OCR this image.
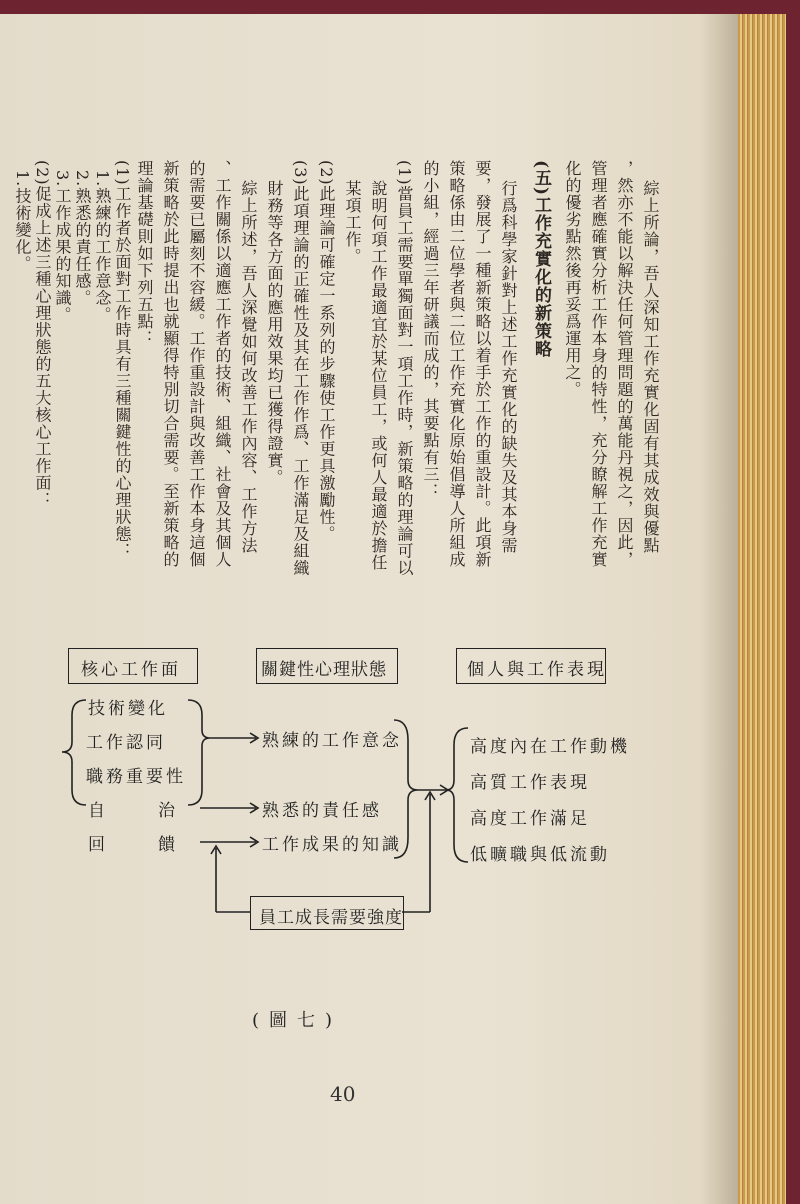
綜上所論，吾人深知工作充實化固有其成效與優點
，然亦不能以解決任何管理問題的萬能丹視之，因此，
管理者應確實分析工作本身的特性，充分瞭解工作充實
化的優劣點然後再妥爲運用之。
(五)工作充實化的新策略
行爲科學家針對上述工作充實化的缺失及其本身需
要，發展了一種新策略以着手於工作的重設計。此項新
策略係由二位學者與二位工作充實化原始倡導人所組成
的小組，經過三年研議而成的，其要點有三：
(1)當員工需要單獨面對一項工作時，新策略的理論可以
說明何項工作最適宜於某位員工，或何人最適於擔任
某項工作。
(2)此理論可確定一系列的步驟使工作更具激勵性。
(3)此項理論的正確性及其在工作作爲、工作滿足及組織
財務等各方面的應用效果均已獲得證實。
綜上所述，吾人深覺如何改善工作內容、工作方法
、工作關係以適應工作者的技術、組織、社會及其個人
的需要已屬刻不容緩。工作重設計與改善工作本身這個
新策略於此時提出也就顯得特別切合需要。至新策略的
理論基礎則如下列五點：
(1)工作者於面對工作時具有三種關鍵性的心理狀態：
1.熟練的工作意念。
2.熟悉的責任感。
3.工作成果的知識。
(2)促成上述三種心理狀態的五大核心工作面：
1.技術變化。
核心工作面	關鍵性心理狀態	個人與工作表現
技術變化
工作認同
職務重要性
自	治
回	饋
熟練的工作意念
熟悉的責任感
工作成果的知識
高度內在工作動機
高質工作表現
高度工作滿足
低曠職與低流動
員工成長需要強度
(圖七)
40
